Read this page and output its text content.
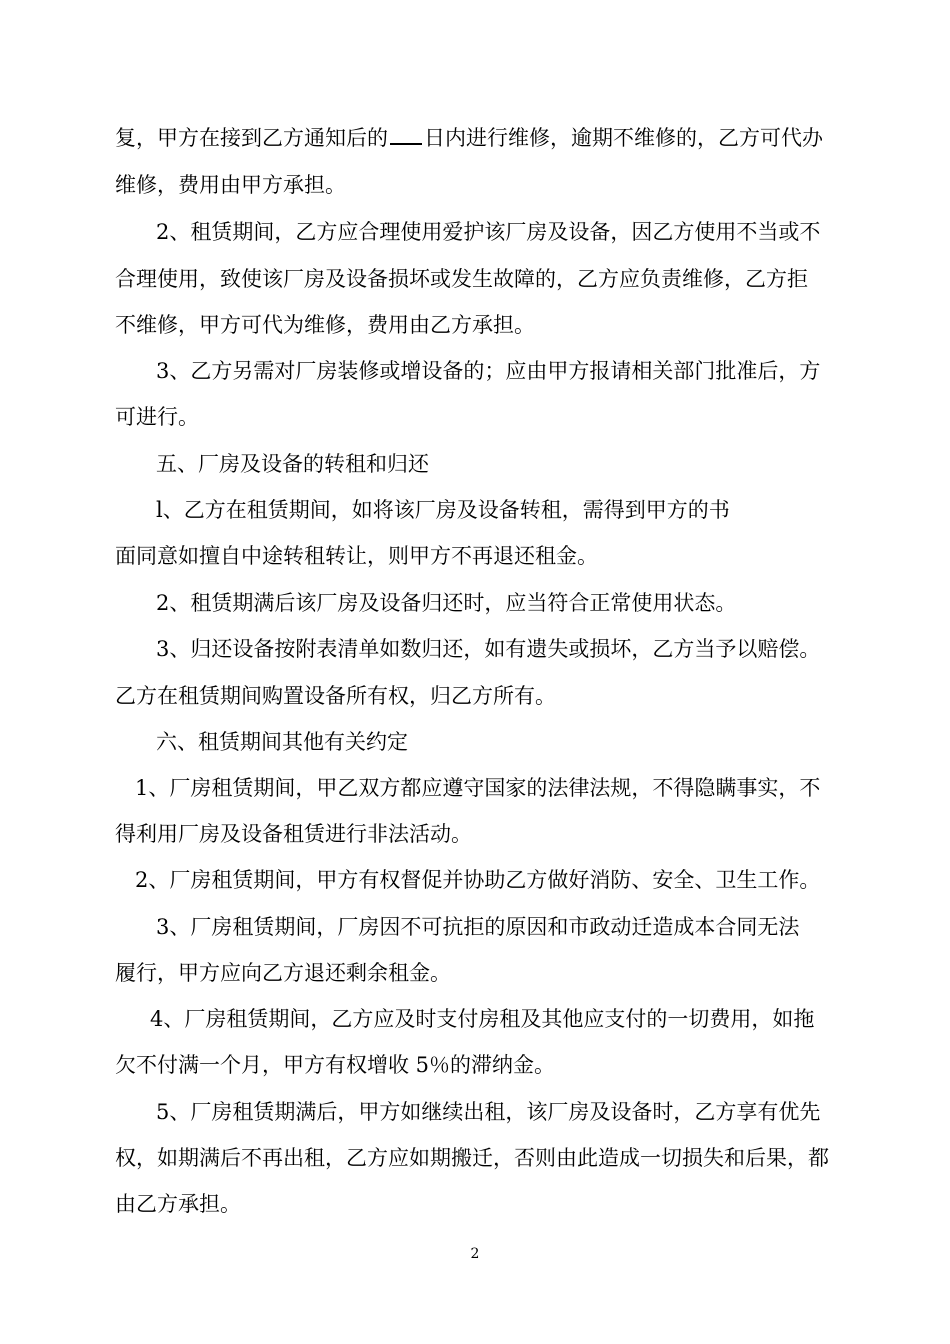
复，甲方在接到乙方通知后的 日内进行维修，逾期不维修的，乙方可代办
维修，费用由甲方承担。
2、租赁期间，乙方应合理使用爱护该厂房及设备，因乙方使用不当或不
合理使用，致使该厂房及设备损坏或发生故障的，乙方应负责维修，乙方拒
不维修，甲方可代为维修，费用由乙方承担。
3、乙方另需对厂房装修或增设备的；应由甲方报请相关部门批准后，方
可进行。
五、厂房及设备的转租和归还
l、乙方在租赁期间，如将该厂房及设备转租，需得到甲方的书
面同意如擅自中途转租转让，则甲方不再退还租金。
2、租赁期满后该厂房及设备归还时，应当符合正常使用状态。
3、归还设备按附表清单如数归还，如有遗失或损坏，乙方当予以赔偿。
乙方在租赁期间购置设备所有权，归乙方所有。
六、租赁期间其他有关约定
1、厂房租赁期间，甲乙双方都应遵守国家的法律法规，不得隐瞒事实，不
得利用厂房及设备租赁进行非法活动。
2、厂房租赁期间，甲方有权督促并协助乙方做好消防、安全、卫生工作。
3、厂房租赁期间，厂房因不可抗拒的原因和市政动迁造成本合同无法
履行，甲方应向乙方退还剩余租金。
4、厂房租赁期间，乙方应及时支付房租及其他应支付的一切费用，如拖
欠不付满一个月，甲方有权增收 5％的滞纳金。
5、厂房租赁期满后，甲方如继续出租，该厂房及设备时，乙方享有优先
权，如期满后不再出租，乙方应如期搬迁，否则由此造成一切损失和后果，都
由乙方承担。
2
